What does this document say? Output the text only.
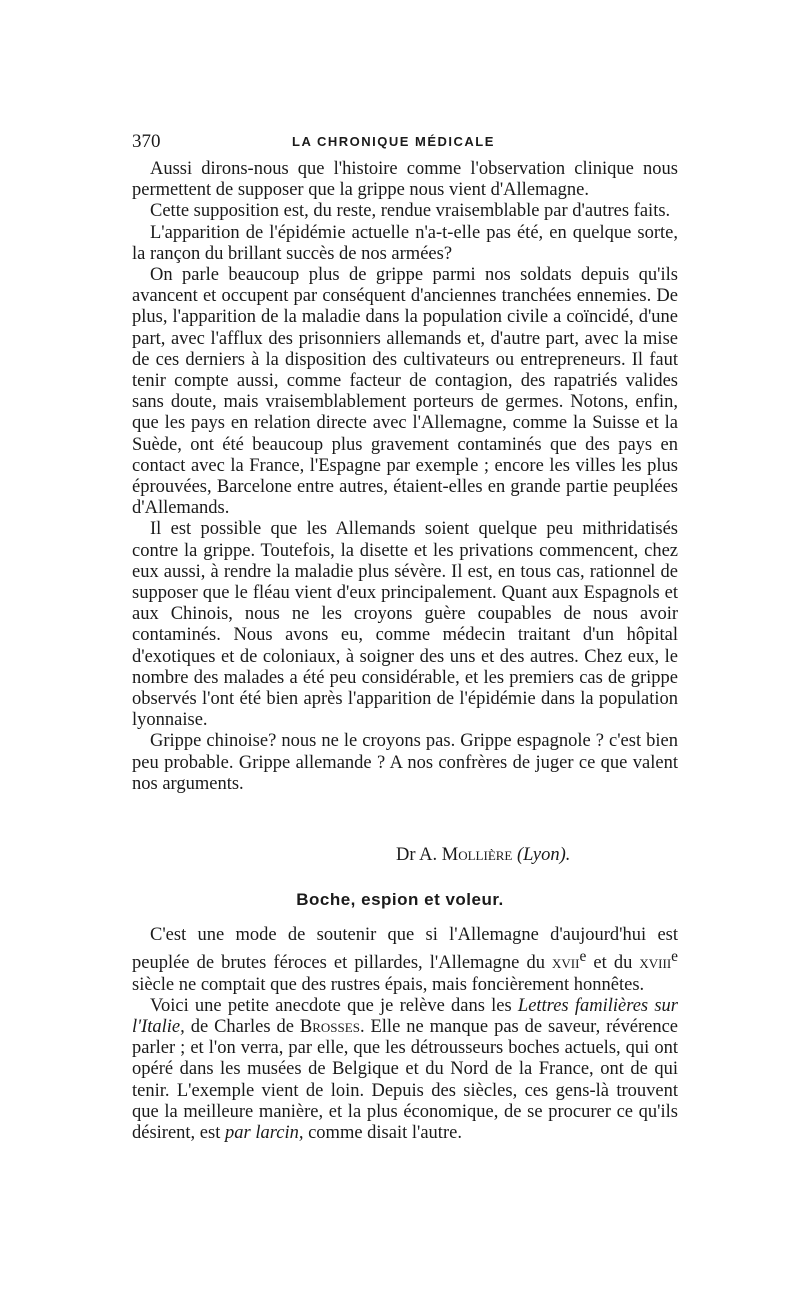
370	LA CHRONIQUE MÉDICALE

Aussi dirons-nous que l'histoire comme l'observation clinique nous permettent de supposer que la grippe nous vient d'Allemagne.

Cette supposition est, du reste, rendue vraisemblable par d'autres faits.

L'apparition de l'épidémie actuelle n'a-t-elle pas été, en quelque sorte, la rançon du brillant succès de nos armées?

On parle beaucoup plus de grippe parmi nos soldats depuis qu'ils avancent et occupent par conséquent d'anciennes tranchées ennemies. De plus, l'apparition de la maladie dans la population civile a coïncidé, d'une part, avec l'afflux des prisonniers allemands et, d'autre part, avec la mise de ces derniers à la disposition des cultivateurs ou entrepreneurs. Il faut tenir compte aussi, comme facteur de contagion, des rapatriés valides sans doute, mais vraisemblablement porteurs de germes. Notons, enfin, que les pays en relation directe avec l'Allemagne, comme la Suisse et la Suède, ont été beaucoup plus gravement contaminés que des pays en contact avec la France, l'Espagne par exemple ; encore les villes les plus éprouvées, Barcelone entre autres, étaient-elles en grande partie peuplées d'Allemands.

Il est possible que les Allemands soient quelque peu mithridatisés contre la grippe. Toutefois, la disette et les privations commencent, chez eux aussi, à rendre la maladie plus sévère. Il est, en tous cas, rationnel de supposer que le fléau vient d'eux principalement. Quant aux Espagnols et aux Chinois, nous ne les croyons guère coupables de nous avoir contaminés. Nous avons eu, comme médecin traitant d'un hôpital d'exotiques et de coloniaux, à soigner des uns et des autres. Chez eux, le nombre des malades a été peu considérable, et les premiers cas de grippe observés l'ont été bien après l'apparition de l'épidémie dans la population lyonnaise.

Grippe chinoise? nous ne le croyons pas. Grippe espagnole ? c'est bien peu probable. Grippe allemande ? A nos confrères de juger ce que valent nos arguments.

Dr A. Mollière (Lyon).
Boche, espion et voleur.

C'est une mode de soutenir que si l'Allemagne d'aujourd'hui est peuplée de brutes féroces et pillardes, l'Allemagne du xvii$^e$ et du xviii$^e$ siècle ne comptait que des rustres épais, mais foncièrement honnêtes.

Voici une petite anecdote que je relève dans les Lettres familières sur l'Italie, de Charles de Brosses. Elle ne manque pas de saveur, révérence parler ; et l'on verra, par elle, que les détrousseurs boches actuels, qui ont opéré dans les musées de Belgique et du Nord de la France, ont de qui tenir. L'exemple vient de loin. Depuis des siècles, ces gens-là trouvent que la meilleure manière, et la plus économique, de se procurer ce qu'ils désirent, est par larcin, comme disait l'autre.
